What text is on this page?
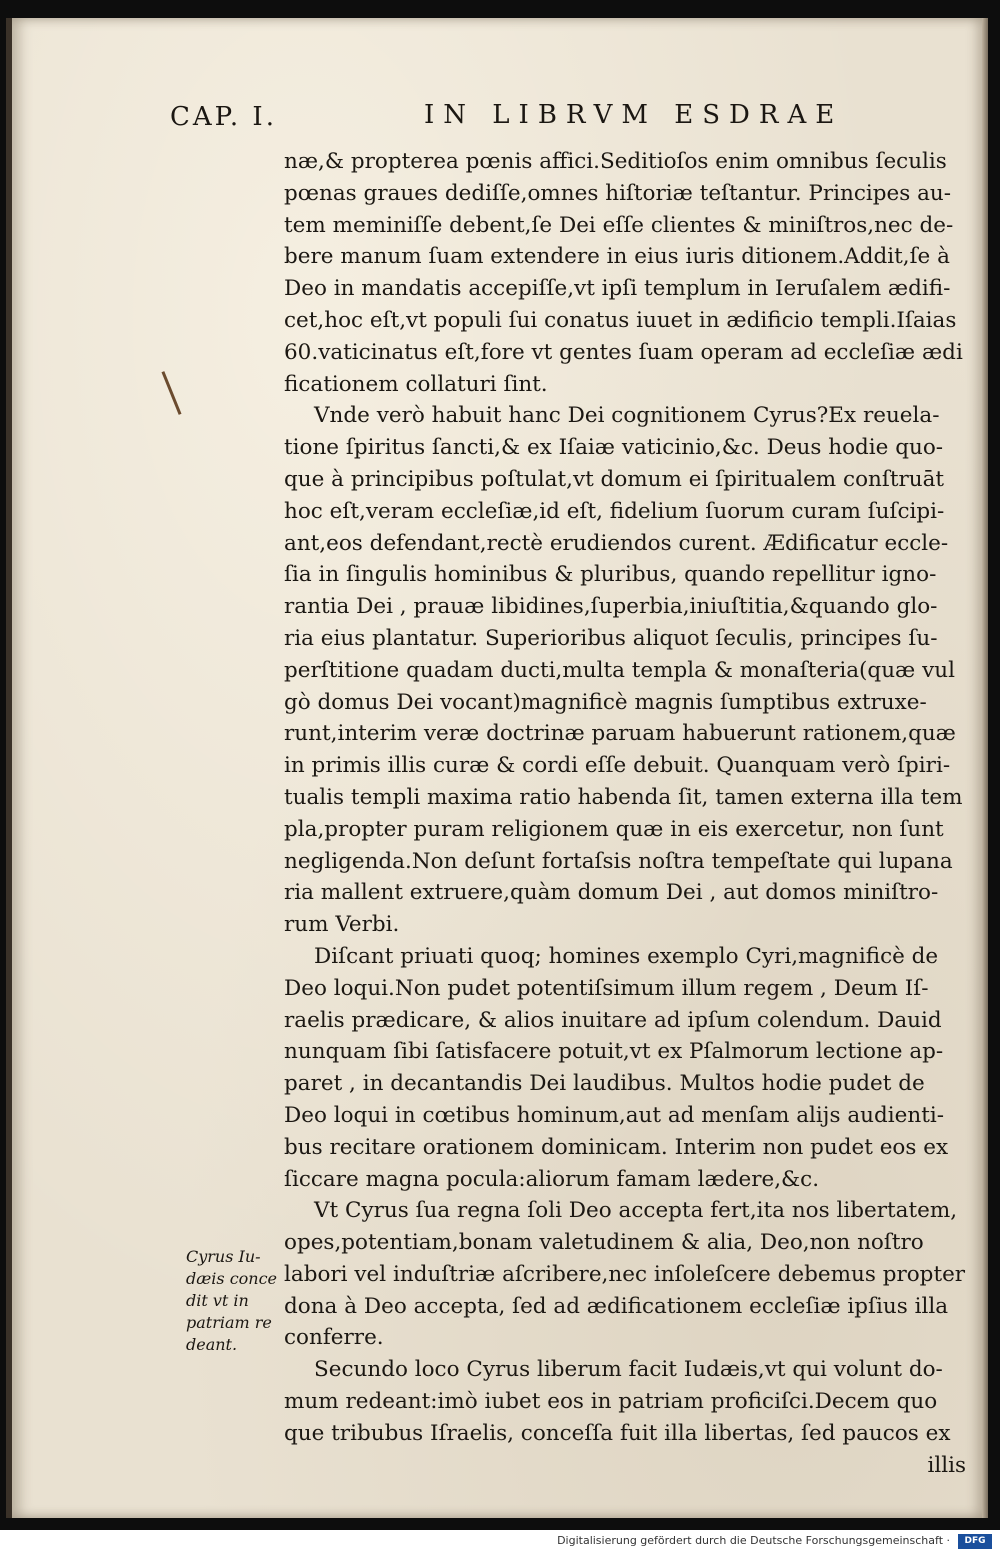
CAP. I.	IN LIBRVM ESDRAE
næ,& propterea pœnis affici.Seditioſos enim omnibus ſeculis
pœnas graues dediſſe,omnes hiſtoriæ teſtantur. Principes au-
tem meminiſſe debent,ſe Dei eſſe clientes & miniſtros,nec de-
bere manum ſuam extendere in eius iuris ditionem.Addit,ſe à
Deo in mandatis accepiſſe,vt ipſi templum in Ieruſalem ædifi-
cet,hoc eſt,vt populi ſui conatus iuuet in ædificio templi.Iſaias
60.vaticinatus eſt,fore vt gentes ſuam operam ad eccleſiæ ædi
ficationem collaturi ſint.
Vnde verò habuit hanc Dei cognitionem Cyrus?Ex reuela-
tione ſpiritus ſancti,& ex Iſaiæ vaticinio,&c. Deus hodie quo-
que à principibus poſtulat,vt domum ei ſpiritualem conſtruāt
hoc eſt,veram eccleſiæ,id eſt, fidelium ſuorum curam ſuſcipi-
ant,eos defendant,rectè erudiendos curent. Ædificatur eccle-
ſia in ſingulis hominibus & pluribus, quando repellitur igno-
rantia Dei , prauæ libidines,ſuperbia,iniuſtitia,&quando glo-
ria eius plantatur. Superioribus aliquot ſeculis, principes ſu-
perſtitione quadam ducti,multa templa & monaſteria(quæ vul
gò domus Dei vocant)magnificè magnis ſumptibus extruxe-
runt,interim veræ doctrinæ paruam habuerunt rationem,quæ
in primis illis curæ & cordi eſſe debuit. Quanquam verò ſpiri-
tualis templi maxima ratio habenda ſit, tamen externa illa tem
pla,propter puram religionem quæ in eis exercetur, non ſunt
negligenda.Non deſunt fortaſsis noſtra tempeſtate qui lupana
ria mallent extruere,quàm domum Dei , aut domos miniſtro-
rum Verbi.
Diſcant priuati quoq; homines exemplo Cyri,magnificè de
Deo loqui.Non pudet potentiſsimum illum regem , Deum Iſ-
raelis prædicare, & alios inuitare ad ipſum colendum. Dauid
nunquam ſibi ſatisfacere potuit,vt ex Pſalmorum lectione ap-
paret , in decantandis Dei laudibus. Multos hodie pudet de
Deo loqui in cœtibus hominum,aut ad menſam alijs audienti-
bus recitare orationem dominicam. Interim non pudet eos ex
ſiccare magna pocula:aliorum famam lædere,&c.
Vt Cyrus ſua regna ſoli Deo accepta fert,ita nos libertatem,
opes,potentiam,bonam valetudinem & alia, Deo,non noſtro
labori vel induſtriæ aſcribere,nec inſoleſcere debemus propter
dona à Deo accepta, ſed ad ædificationem eccleſiæ ipſius illa
conferre.
Secundo loco Cyrus liberum facit Iudæis,vt qui volunt do-
mum redeant:imò iubet eos in patriam proficiſci.Decem quo
que tribubus Iſraelis, conceſſa fuit illa libertas, ſed paucos ex
illis
Cyrus Iu-
dæis conce
dit vt in
patriam re
deant.
Digitalisierung gefördert durch die Deutsche Forschungsgemeinschaft ·	DFG
